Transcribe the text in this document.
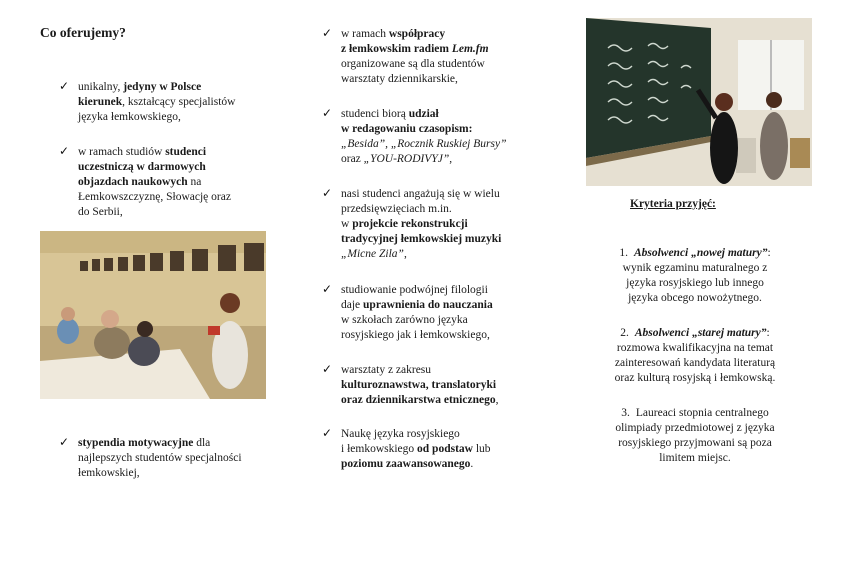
Co oferujemy?
✓ unikalny, jedyny w Polsce
kierunek, kształcący specjalistów
języka łemkowskiego,
✓ w ramach studiów studenci
uczestniczą w darmowych
objazdach naukowych na
Łemkowszczyznę, Słowację oraz
do Serbii,
✓ stypendia motywacyjne dla
najlepszych studentów specjalności
łemkowskiej,
✓ w ramach współpracy
z łemkowskim radiem Lem.fm
organizowane są dla studentów
warsztaty dziennikarskie,
✓ studenci biorą udział
w redagowaniu czasopism:
„Besida”, „Rocznik Ruskiej Bursy”
oraz „YOU-RODIVYJ”,
✓ nasi studenci angażują się w wielu
przedsięwzięciach m.in.
w projekcie rekonstrukcji
tradycyjnej łemkowskiej muzyki
„Micne Zila”,
✓ studiowanie podwójnej filologii
daje uprawnienia do nauczania
w szkołach zarówno języka
rosyjskiego jak i łemkowskiego,
✓ warsztaty z zakresu
kulturoznawstwa, translatoryki
oraz dziennikarstwa etnicznego,
✓ Naukę języka rosyjskiego
i łemkowskiego od podstaw lub
poziomu zaawansowanego.
Kryteria przyjęć:
1. Absolwenci „nowej matury”:
wynik egzaminu maturalnego z
języka rosyjskiego lub innego
języka obcego nowożytnego.
2. Absolwenci „starej matury”:
rozmowa kwalifikacyjna na temat
zainteresowań kandydata literaturą
oraz kulturą rosyjską i łemkowską.
3. Laureaci stopnia centralnego
olimpiady przedmiotowej z języka
rosyjskiego przyjmowani są poza
limitem miejsc.
